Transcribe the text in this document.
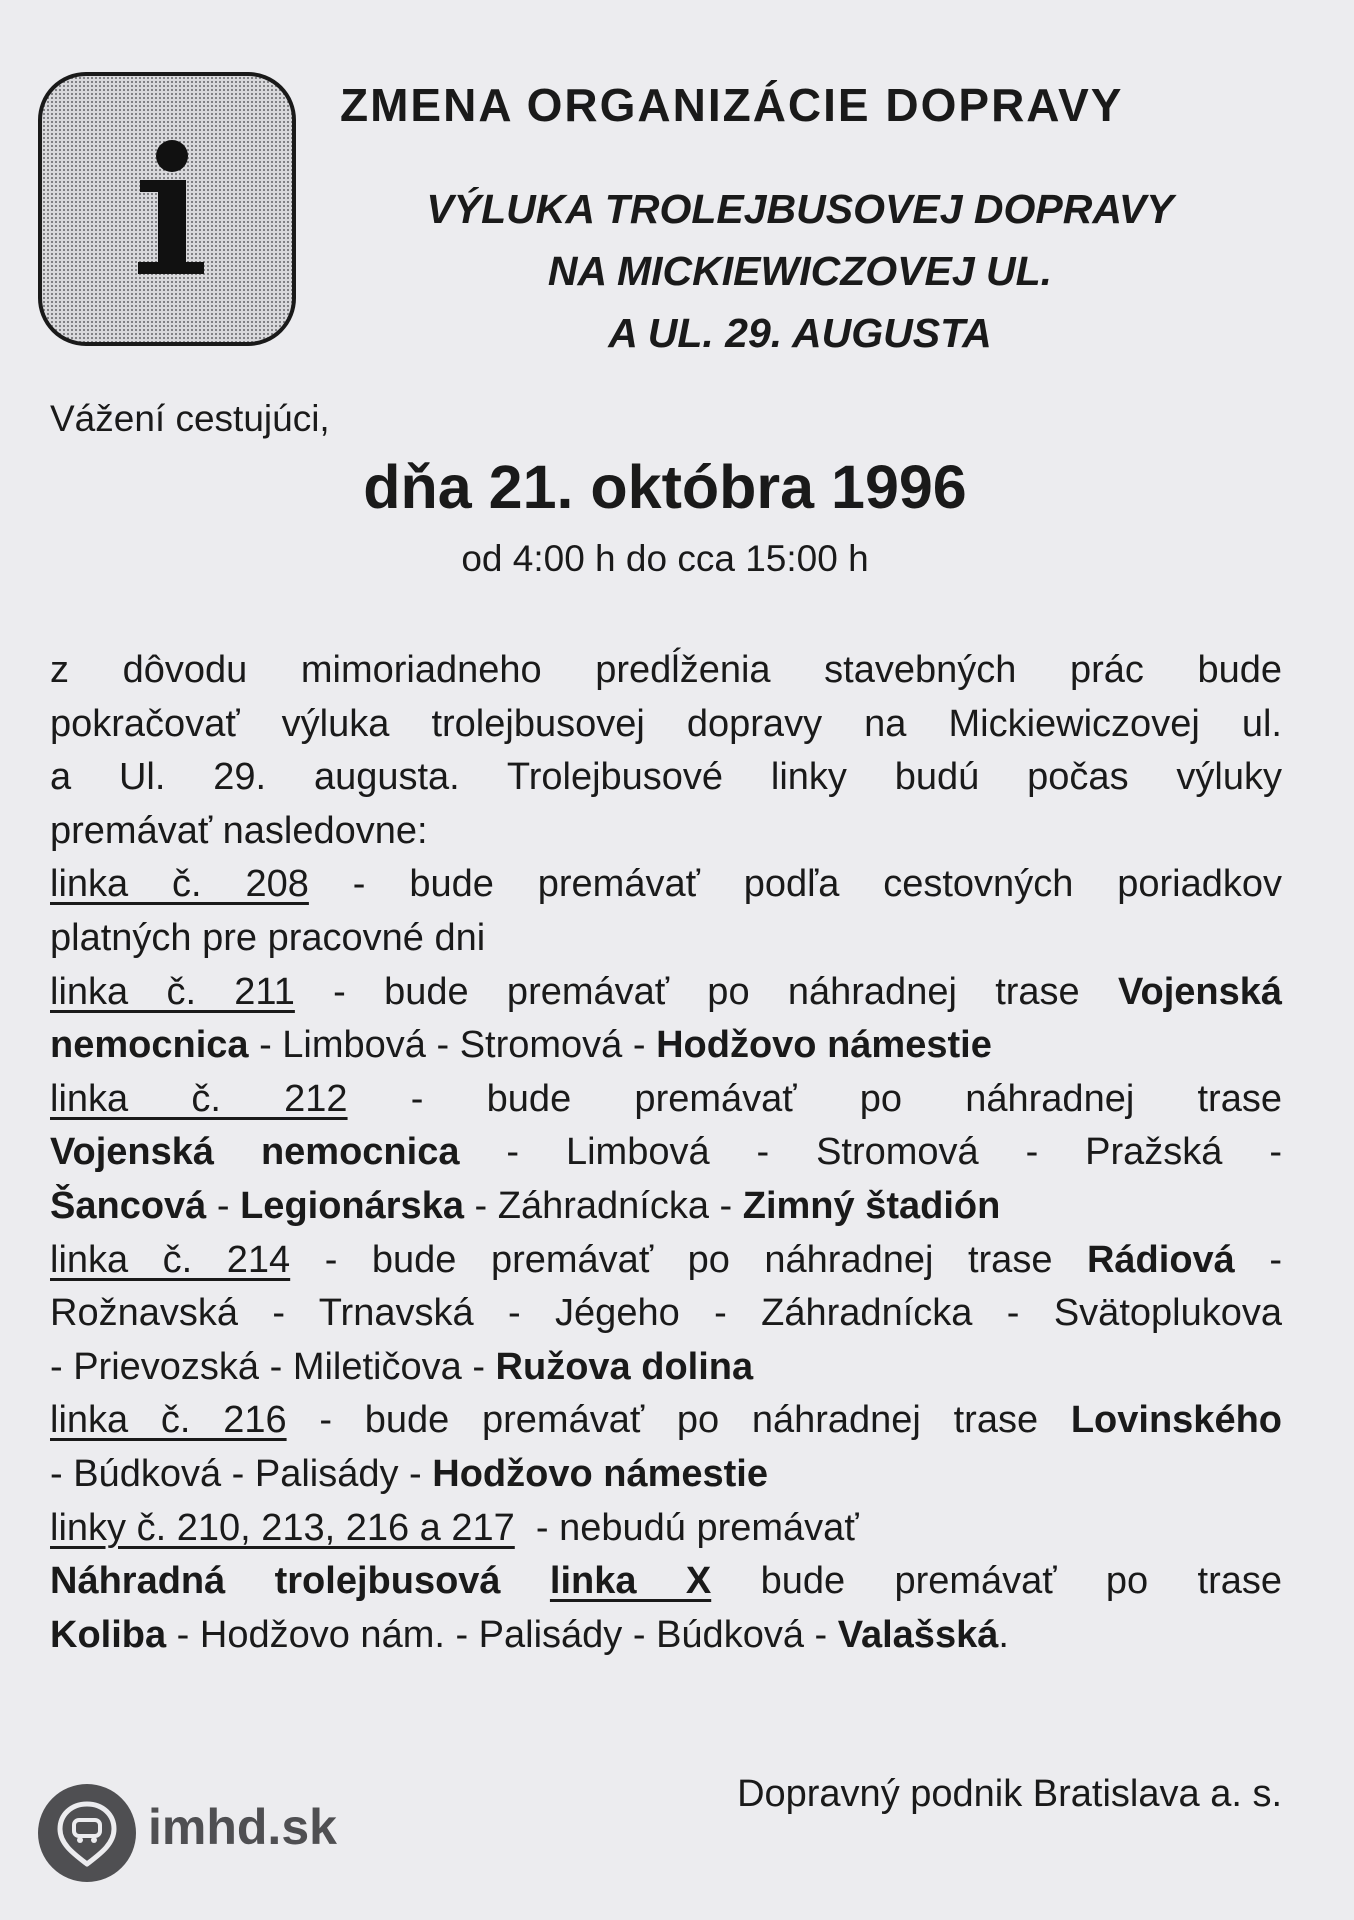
ZMENA ORGANIZÁCIE DOPRAVY
VÝLUKA TROLEJBUSOVEJ DOPRAVY
NA MICKIEWICZOVEJ UL.
A UL. 29. AUGUSTA
Vážení cestujúci,
dňa 21. októbra 1996
od 4:00 h do cca 15:00 h
z dôvodu mimoriadneho predĺženia stavebných prác bude
pokračovať výluka trolejbusovej dopravy na Mickiewiczovej ul.
a Ul. 29. augusta. Trolejbusové linky budú počas výluky
premávať nasledovne:
linka č. 208 - bude premávať podľa cestovných poriadkov
platných pre pracovné dni
linka č. 211 - bude premávať po náhradnej trase Vojenská
nemocnica - Limbová - Stromová - Hodžovo námestie
linka č. 212 - bude premávať po náhradnej trase
Vojenská nemocnica - Limbová - Stromová - Pražská -
Šancová - Legionárska - Záhradnícka - Zimný štadión
linka č. 214 - bude premávať po náhradnej trase Rádiová -
Rožnavská - Trnavská - Jégeho - Záhradnícka - Svätoplukova
- Prievozská - Miletičova - Ružova dolina
linka č. 216 - bude premávať po náhradnej trase Lovinského
- Búdková - Palisády - Hodžovo námestie
linky č. 210, 213, 216 a 217  - nebudú premávať
Náhradná trolejbusová linka X bude premávať po trase
Koliba - Hodžovo nám. - Palisády - Búdková - Valašská.
Dopravný podnik Bratislava a. s.
imhd.sk
